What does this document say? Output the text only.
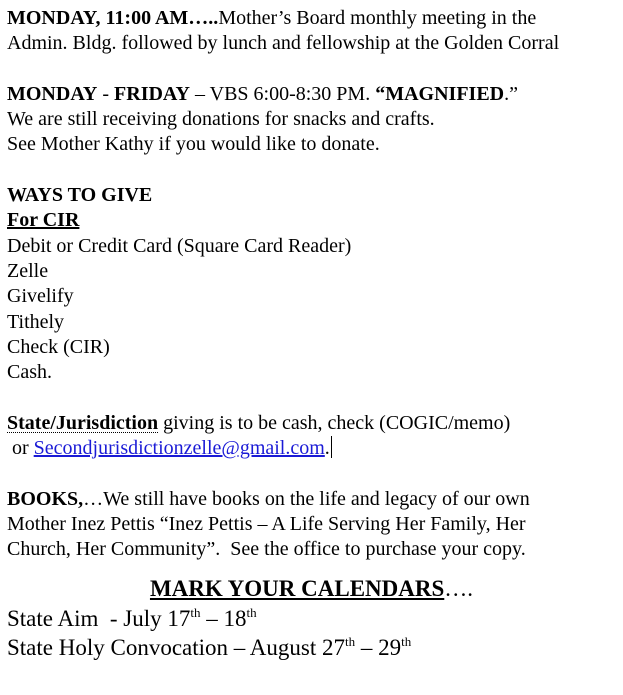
MONDAY, 11:00 AM…..Mother’s Board monthly meeting in the
Admin. Bldg. followed by lunch and fellowship at the Golden Corral
MONDAY - FRIDAY – VBS 6:00-8:30 PM. “MAGNIFIED.”
We are still receiving donations for snacks and crafts.
See Mother Kathy if you would like to donate.
WAYS TO GIVE
For CIR
Debit or Credit Card (Square Card Reader)
Zelle
Givelify
Tithely
Check (CIR)
Cash.
State/Jurisdiction giving is to be cash, check (COGIC/memo)
or Secondjurisdictionzelle@gmail.com.
BOOKS,…We still have books on the life and legacy of our own
Mother Inez Pettis “Inez Pettis – A Life Serving Her Family, Her
Church, Her Community”.  See the office to purchase your copy.
MARK YOUR CALENDARS….
State Aim  - July 17th – 18th
State Holy Convocation – August 27th – 29th
